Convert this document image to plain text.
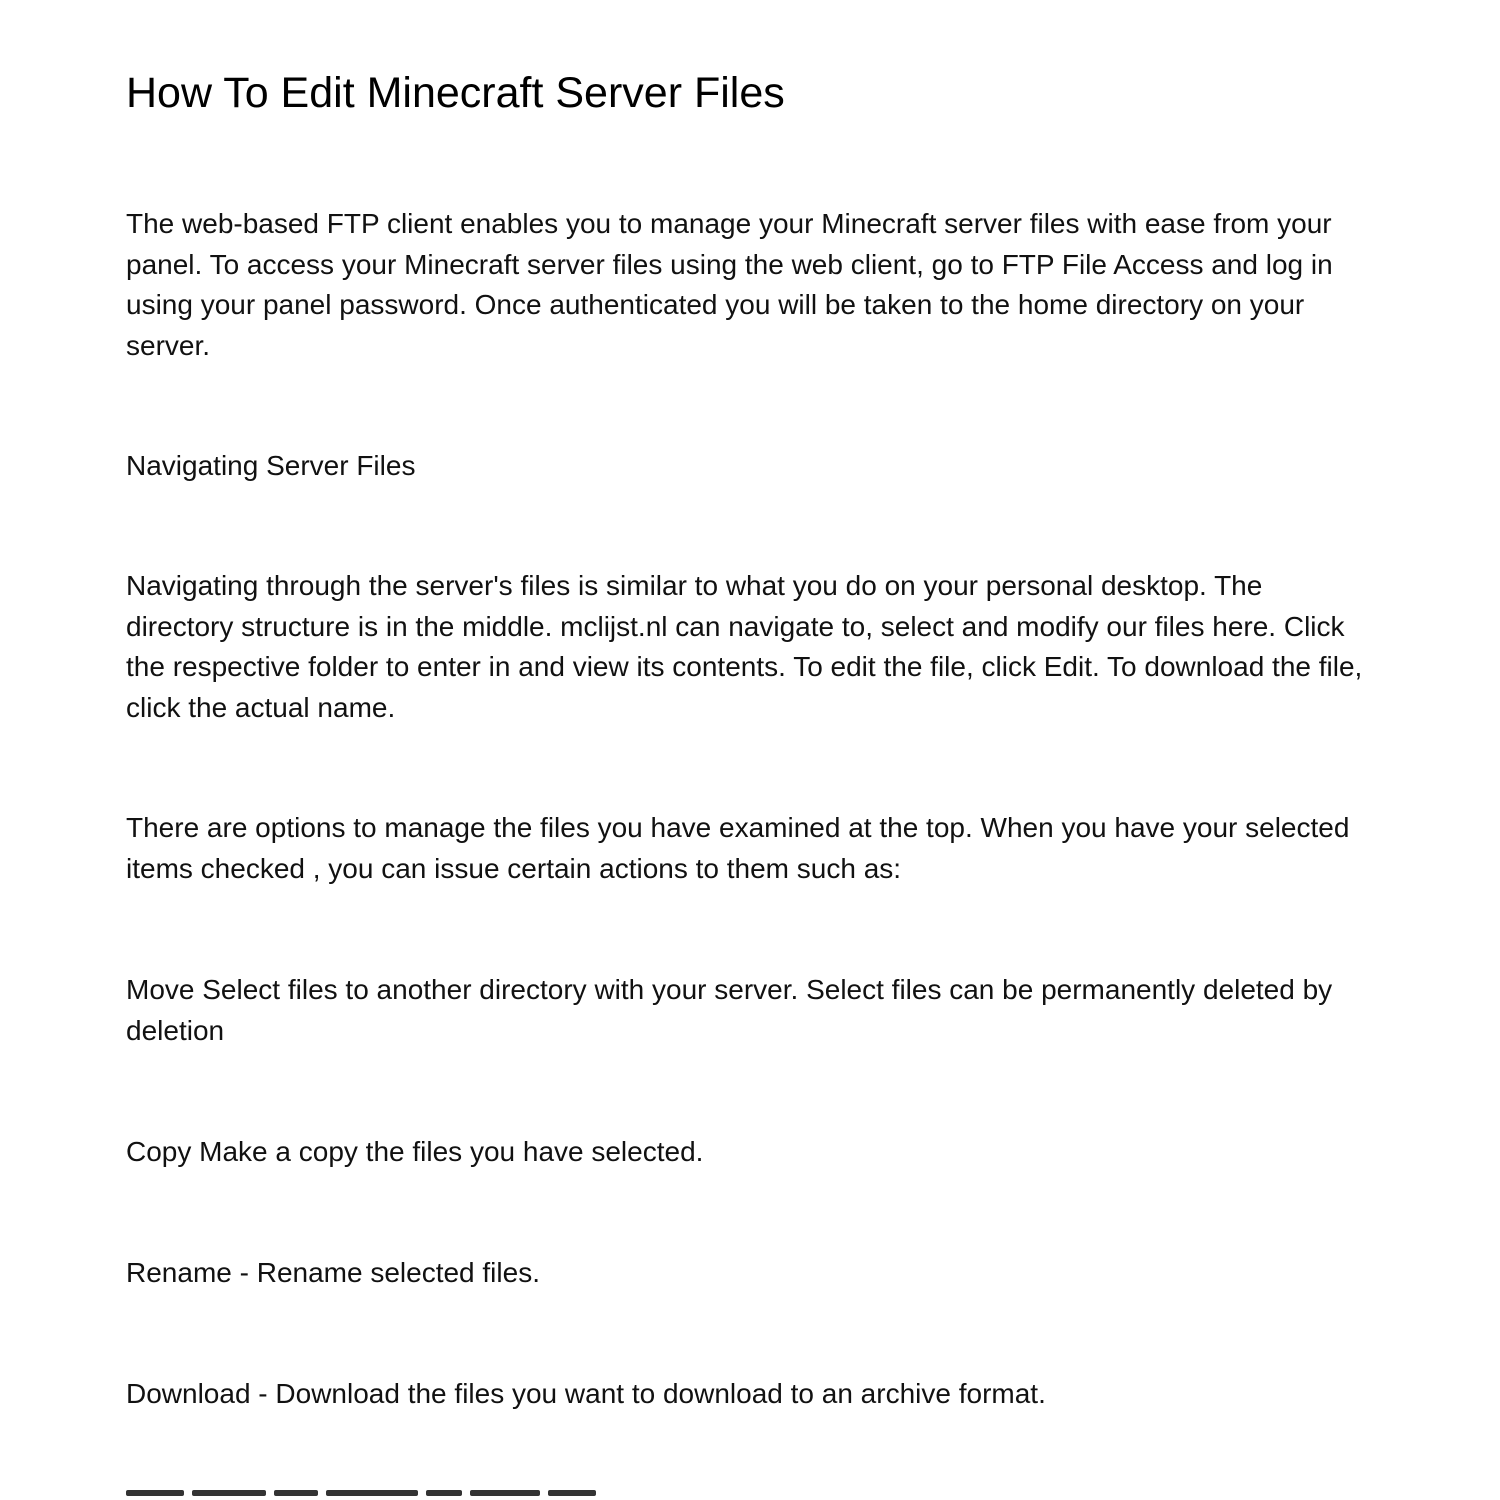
How To Edit Minecraft Server Files

The web-based FTP client enables you to manage your Minecraft server files with ease from your panel. To access your Minecraft server files using the web client, go to FTP File Access and log in using your panel password. Once authenticated you will be taken to the home directory on your server.

Navigating Server Files

Navigating through the server's files is similar to what you do on your personal desktop. The directory structure is in the middle. mclijst.nl can navigate to, select and modify our files here. Click the respective folder to enter in and view its contents. To edit the file, click Edit. To download the file, click the actual name.

There are options to manage the files you have examined at the top. When you have your selected items checked , you can issue certain actions to them such as:

Move Select files to another directory with your server. Select files can be permanently deleted by deletion

Copy Make a copy the files you have selected.

Rename - Rename selected files.

Download - Download the files you want to download to an archive format.
